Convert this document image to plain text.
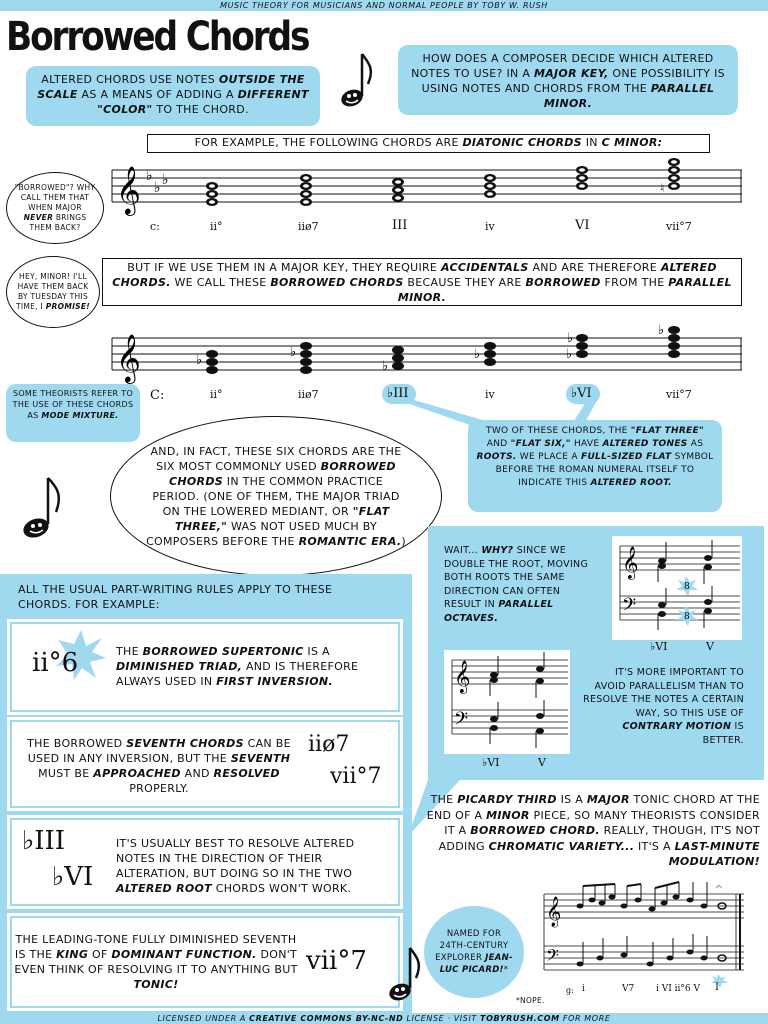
MUSIC THEORY FOR MUSICIANS AND NORMAL PEOPLE BY TOBY W. RUSH
Borrowed Chords
ALTERED CHORDS USE NOTES OUTSIDE THE SCALE AS A MEANS OF ADDING A DIFFERENT "COLOR" TO THE CHORD.
HOW DOES A COMPOSER DECIDE WHICH ALTERED NOTES TO USE? IN A MAJOR KEY, ONE POSSIBILITY IS USING NOTES AND CHORDS FROM THE PARALLEL MINOR.
FOR EXAMPLE, THE FOLLOWING CHORDS ARE DIATONIC CHORDS IN C MINOR:
𝄞 ♭
♭ ♭	♮
c:	ii°	iiø7	III	iv	VI	vii°7
"BORROWED"? WHY CALL THEM THAT WHEN MAJOR NEVER BRINGS THEM BACK?
HEY, MINOR! I'LL HAVE THEM BACK BY TUESDAY THIS TIME, I PROMISE!
BUT IF WE USE THEM IN A MAJOR KEY, THEY REQUIRE ACCIDENTALS AND ARE THEREFORE ALTERED CHORDS. WE CALL THESE BORROWED CHORDS BECAUSE THEY ARE BORROWED FROM THE PARALLEL MINOR.
𝄞	♭
♭
♭
♭	♭
♭
♭
C:	ii°	iiø7	♭III	iv	♭VI	vii°7
SOME THEORISTS REFER TO THE USE OF THESE CHORDS AS MODE MIXTURE.
TWO OF THESE CHORDS, THE "FLAT THREE" AND "FLAT SIX," HAVE ALTERED TONES AS ROOTS. WE PLACE A FULL-SIZED FLAT SYMBOL BEFORE THE ROMAN NUMERAL ITSELF TO INDICATE THIS ALTERED ROOT.
AND, IN FACT, THESE SIX CHORDS ARE THE SIX MOST COMMONLY USED BORROWED CHORDS IN THE COMMON PRACTICE PERIOD. (ONE OF THEM, THE MAJOR TRIAD ON THE LOWERED MEDIANT, OR "FLAT THREE," WAS NOT USED MUCH BY COMPOSERS BEFORE THE ROMANTIC ERA.)
ALL THE USUAL PART-WRITING RULES APPLY TO THESE CHORDS. FOR EXAMPLE:
ii°6	THE BORROWED SUPERTONIC IS A DIMINISHED TRIAD, AND IS THEREFORE ALWAYS USED IN FIRST INVERSION.
THE BORROWED SEVENTH CHORDS CAN BE USED IN ANY INVERSION, BUT THE SEVENTH MUST BE APPROACHED AND RESOLVED PROPERLY.
iiø7
vii°7
♭III
♭VI
IT'S USUALLY BEST TO RESOLVE ALTERED NOTES IN THE DIRECTION OF THEIR ALTERATION, BUT DOING SO IN THE TWO ALTERED ROOT CHORDS WON'T WORK.
THE LEADING-TONE FULLY DIMINISHED SEVENTH IS THE KING OF DOMINANT FUNCTION. DON'T EVEN THINK OF RESOLVING IT TO ANYTHING BUT TONIC!
vii°7
WAIT... WHY? SINCE WE DOUBLE THE ROOT, MOVING BOTH ROOTS THE SAME DIRECTION CAN OFTEN RESULT IN PARALLEL OCTAVES.
𝄞
𝄢
8
8
♭VI	V
𝄞
𝄢
♭VI	V
IT'S MORE IMPORTANT TO AVOID PARALLELISM THAN TO RESOLVE THE NOTES A CERTAIN WAY, SO THIS USE OF CONTRARY MOTION IS BETTER.
THE PICARDY THIRD IS A MAJOR TONIC CHORD AT THE END OF A MINOR PIECE, SO MANY THEORISTS CONSIDER IT A BORROWED CHORD. REALLY, THOUGH, IT'S NOT ADDING CHROMATIC VARIETY... IT'S A LAST-MINUTE MODULATION!
𝄞
𝄢
𝄐
g: i	V7 i VI ii°6 V I
NAMED FOR 24TH-CENTURY EXPLORER JEAN-LUC PICARD!*
*NOPE.
LICENSED UNDER A CREATIVE COMMONS BY-NC-ND LICENSE · VISIT TOBYRUSH.COM FOR MORE
